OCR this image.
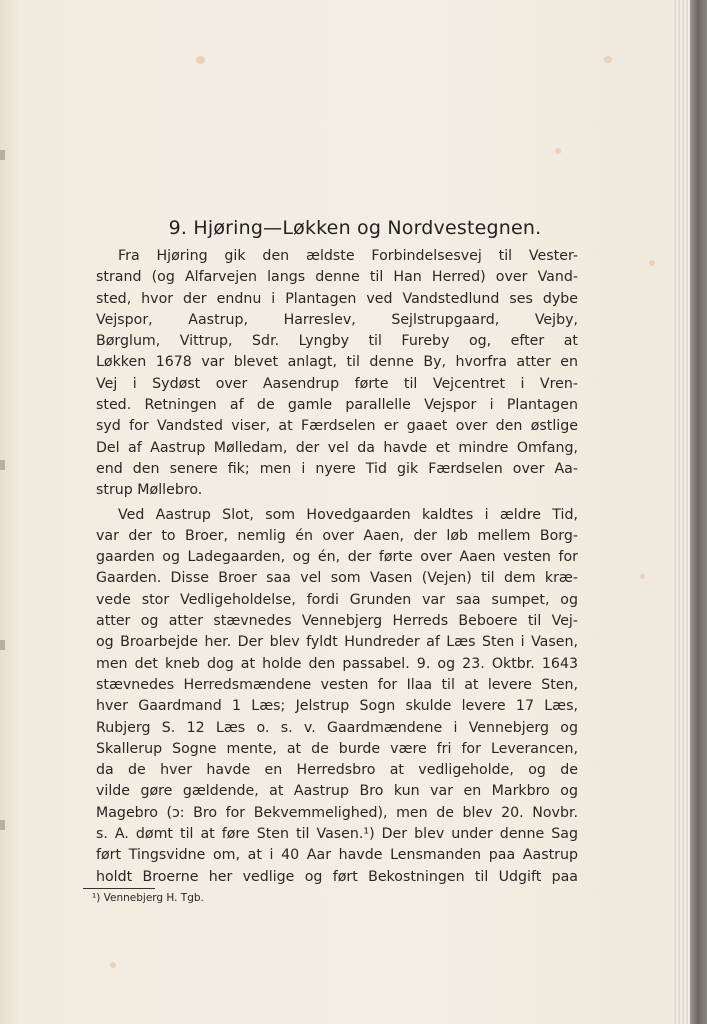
9. Hjøring—Løkken og Nordvestegnen.
Fra Hjøring gik den ældste Forbindelsesvej til Vester-
strand (og Alfarvejen langs denne til Han Herred) over Vand-
sted, hvor der endnu i Plantagen ved Vandstedlund ses dybe
Vejspor, Aastrup, Harreslev, Sejlstrupgaard, Vejby,
Børglum, Vittrup, Sdr. Lyngby til Fureby og, efter at
Løkken 1678 var blevet anlagt, til denne By, hvorfra atter en
Vej i Sydøst over Aasendrup førte til Vejcentret i Vren-
sted. Retningen af de gamle parallelle Vejspor i Plantagen
syd for Vandsted viser, at Færdselen er gaaet over den østlige
Del af Aastrup Mølledam, der vel da havde et mindre Omfang,
end den senere fik; men i nyere Tid gik Færdselen over Aa-
strup Møllebro.
Ved Aastrup Slot, som Hovedgaarden kaldtes i ældre Tid,
var der to Broer, nemlig én over Aaen, der løb mellem Borg-
gaarden og Ladegaarden, og én, der førte over Aaen vesten for
Gaarden. Disse Broer saa vel som Vasen (Vejen) til dem kræ-
vede stor Vedligeholdelse, fordi Grunden var saa sumpet, og
atter og atter stævnedes Vennebjerg Herreds Beboere til Vej-
og Broarbejde her. Der blev fyldt Hundreder af Læs Sten i Vasen,
men det kneb dog at holde den passabel. 9. og 23. Oktbr. 1643
stævnedes Herredsmændene vesten for Ilaa til at levere Sten,
hver Gaardmand 1 Læs; Jelstrup Sogn skulde levere 17 Læs,
Rubjerg S. 12 Læs o. s. v. Gaardmændene i Vennebjerg og
Skallerup Sogne mente, at de burde være fri for Leverancen,
da de hver havde en Herredsbro at vedligeholde, og de
vilde gøre gældende, at Aastrup Bro kun var en Markbro og
Magebro (ɔ: Bro for Bekvemmelighed), men de blev 20. Novbr.
s. A. dømt til at føre Sten til Vasen.¹) Der blev under denne Sag
ført Tingsvidne om, at i 40 Aar havde Lensmanden paa Aastrup
holdt Broerne her vedlige og ført Bekostningen til Udgift paa
¹) Vennebjerg H. Tgb.
